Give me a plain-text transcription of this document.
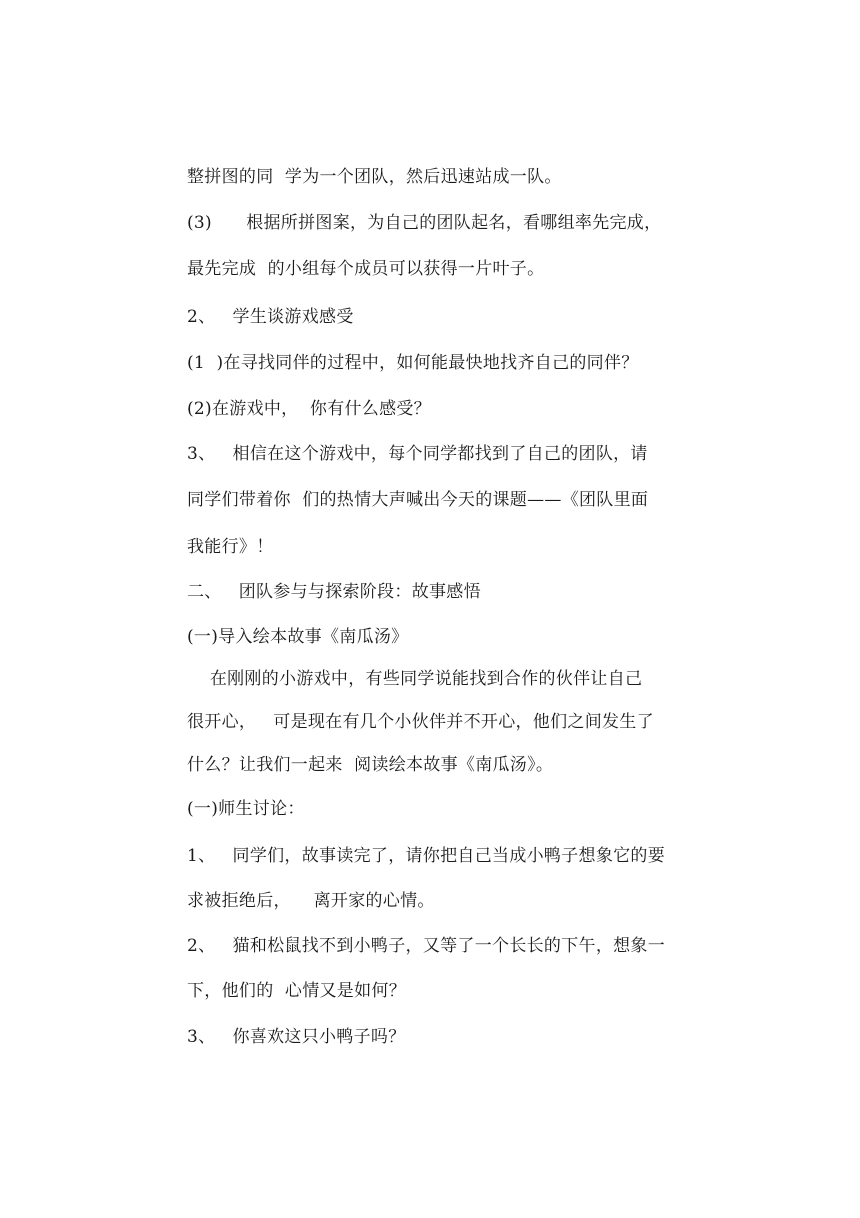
整拼图的同  学为一个团队，然后迅速站成一队。
(3)      根据所拼图案，为自己的团队起名，看哪组率先完成，
最先完成  的小组每个成员可以获得一片叶子。
2、   学生谈游戏感受
(1  )在寻找同伴的过程中，如何能最快地找齐自己的同伴？
(2)在游戏中，  你有什么感受？
3、   相信在这个游戏中，每个同学都找到了自己的团队，请
同学们带着你  们的热情大声喊出今天的课题——《团队里面
我能行》！
二、   团队参与与探索阶段：故事感悟
(一)导入绘本故事《南瓜汤》
在刚刚的小游戏中，有些同学说能找到合作的伙伴让自己
很开心，   可是现在有几个小伙伴并不开心，他们之间发生了
什么？让我们一起来  阅读绘本故事《南瓜汤》。
(一)师生讨论：
1、   同学们，故事读完了，请你把自己当成小鸭子想象它的要
求被拒绝后，    离开家的心情。
2、   猫和松鼠找不到小鸭子，又等了一个长长的下午，想象一
下，他们的  心情又是如何？
3、   你喜欢这只小鸭子吗？
